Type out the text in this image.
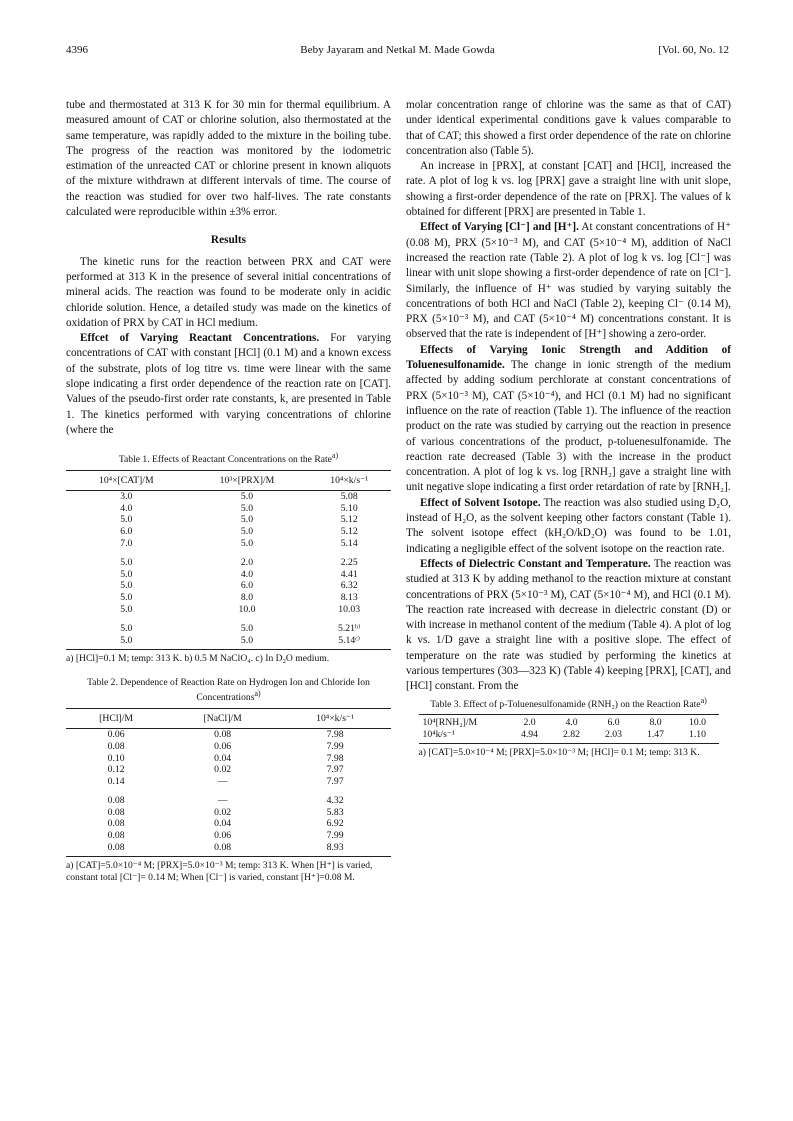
4396	Beby Jayaram and Netkal M. Made Gowda	[Vol. 60, No. 12

tube and thermostated at 313 K for 30 min for thermal equilibrium. A measured amount of CAT or chlorine solution, also thermostated at the same temperature, was rapidly added to the mixture in the boiling tube. The progress of the reaction was monitored by the iodometric estimation of the unreacted CAT or chlorine present in known aliquots of the mixture withdrawn at different intervals of time. The course of the reaction was studied for over two half-lives. The rate constants calculated were reproducible within ±3% error.

Results

The kinetic runs for the reaction between PRX and CAT were performed at 313 K in the presence of several initial concentrations of mineral acids. The reaction was found to be moderate only in acidic chloride solution. Hence, a detailed study was made on the kinetics of oxidation of PRX by CAT in HCl medium.

Effcet of Varying Reactant Concentrations. For varying concentrations of CAT with constant [HCl] (0.1 M) and a known excess of the substrate, plots of log titre vs. time were linear with the same slope indicating a first order dependence of the reaction rate on [CAT]. Values of the pseudo-first order rate constants, k, are presented in Table 1. The kinetics performed with varying concentrations of chlorine (where the

Table 1. Effects of Reactant Concentrations on the Rate$^{a)}$
10⁴×[CAT]/M	10³×[PRX]/M	10⁴×k/s⁻¹
3.0	5.0	5.08
4.0	5.0	5.10
5.0	5.0	5.12
6.0	5.0	5.12
7.0	5.0	5.14
5.0	2.0	2.25
5.0	4.0	4.41
5.0	6.0	6.32
5.0	8.0	8.13
5.0	10.0	10.03
5.0	5.0	5.21ᵇ⁾
5.0	5.0	5.14ᶜ⁾
a) [HCl]=0.1 M; temp: 313 K. b) 0.5 M NaClO₄. c) In D₂O medium.
Table 2. Dependence of Reaction Rate on Hydrogen Ion and Chloride Ion Concentrations$^{a)}$
[HCl]/M	[NaCl]/M	10⁴×k/s⁻¹
0.06	0.08	7.98
0.08	0.06	7.99
0.10	0.04	7.98
0.12	0.02	7.97
0.14	—	7.97
0.08	—	4.32
0.08	0.02	5.83
0.08	0.04	6.92
0.08	0.06	7.99
0.08	0.08	8.93
a) [CAT]=5.0×10⁻⁴ M; [PRX]=5.0×10⁻³ M; temp: 313 K. When [H⁺] is varied, constant total [Cl⁻]= 0.14 M; When [Cl⁻] is varied, constant [H⁺]=0.08 M.

molar concentration range of chlorine was the same as that of CAT) under identical experimental conditions gave k values comparable to that of CAT; this showed a first order dependence of the rate on chlorine concentration also (Table 5).

An increase in [PRX], at constant [CAT] and [HCl], increased the rate. A plot of log k vs. log [PRX] gave a straight line with unit slope, showing a first-order dependence of the rate on [PRX]. The values of k obtained for different [PRX] are presented in Table 1.

Effect of Varying [Cl⁻] and [H⁺]. At constant concentrations of H⁺ (0.08 M), PRX (5×10⁻³ M), and CAT (5×10⁻⁴ M), addition of NaCl increased the reaction rate (Table 2). A plot of log k vs. log [Cl⁻] was linear with unit slope showing a first-order dependence of rate on [Cl⁻]. Similarly, the influence of H⁺ was studied by varying suitably the concentrations of both HCl and NaCl (Table 2), keeping Cl⁻ (0.14 M), PRX (5×10⁻³ M), and CAT (5×10⁻⁴ M) concentrations constant. It is observed that the rate is independent of [H⁺] showing a zero-order.

Effects of Varying Ionic Strength and Addition of Toluenesulfonamide. The change in ionic strength of the medium affected by adding sodium perchlorate at constant concentrations of PRX (5×10⁻³ M), CAT (5×10⁻⁴), and HCl (0.1 M) had no significant influence on the rate of reaction (Table 1). The influence of the reaction product on the rate was studied by carrying out the reaction in presence of various concentrations of the product, p-toluenesulfonamide. The reaction rate decreased (Table 3) with the increase in the product concentration. A plot of log k vs. log [RNH₂] gave a straight line with unit negative slope indicating a first order retardation of rate by [RNH₂].

Effect of Solvent Isotope. The reaction was also studied using D₂O, instead of H₂O, as the solvent keeping other factors constant (Table 1). The solvent isotope effect (kH₂O/kD₂O) was found to be 1.01, indicating a negligible effect of the solvent isotope on the reaction rate.

Effects of Dielectric Constant and Temperature. The reaction was studied at 313 K by adding methanol to the reaction mixture at constant concentrations of PRX (5×10⁻³ M), CAT (5×10⁻⁴ M), and HCl (0.1 M). The reaction rate increased with decrease in dielectric constant (D) or with increase in methanol content of the medium (Table 4). A plot of log k vs. 1/D gave a straight line with a positive slope. The effect of temperature on the rate was studied by performing the kinetics at various tempertures (303—323 K) (Table 4) keeping [PRX], [CAT], and [HCl] constant. From the

Table 3. Effect of p-Toluenesulfonamide (RNH₂) on the Reaction Rate$^{a)}$
10⁴[RNH₂]/M	2.0	4.0	6.0	8.0	10.0
10⁴k/s⁻¹	4.94	2.82	2.03	1.47	1.10
a) [CAT]=5.0×10⁻⁴ M; [PRX]=5.0×10⁻³ M; [HCl]= 0.1 M; temp: 313 K.
